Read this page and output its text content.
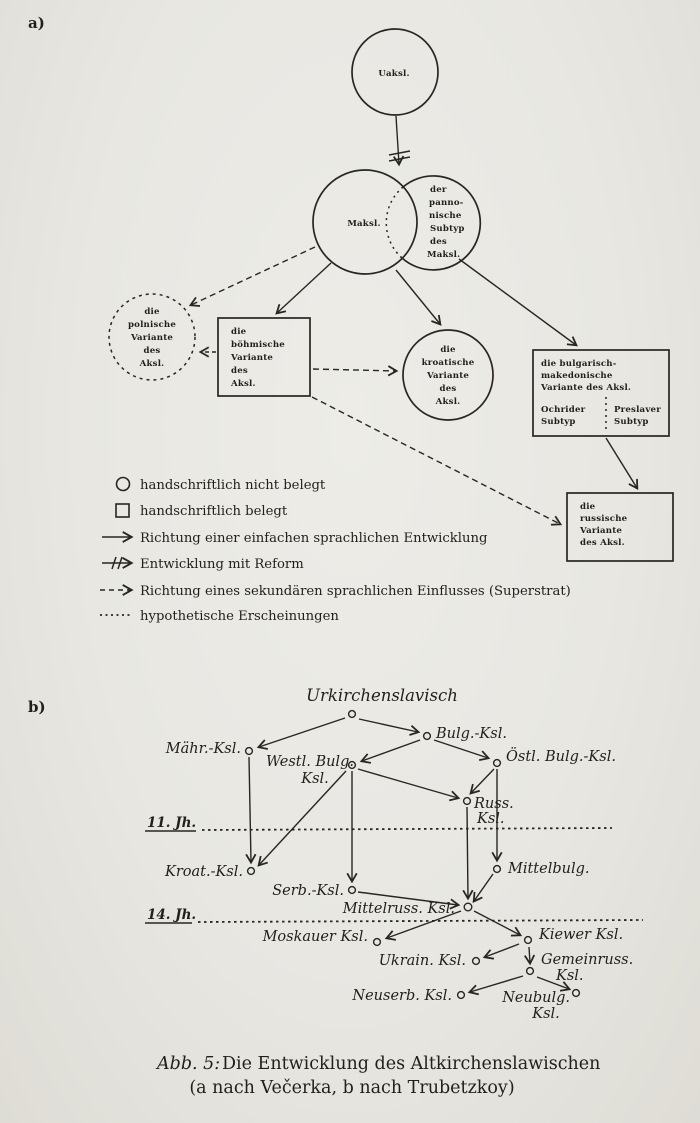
a)
Uaksl.
Maksl.
der
panno-
nische
Subtyp
des
Maksl.
die
polnische
Variante
des
Aksl.
die
böhmische
Variante
des
Aksl.
die
kroatische
Variante
des
Aksl.
die bulgarisch-
makedonische
Variante des Aksl.
Ochrider
Subtyp
Preslaver
Subtyp
die
russische
Variante
des Aksl.
handschriftlich nicht belegt
handschriftlich belegt
Richtung einer einfachen sprachlichen Entwicklung
Entwicklung mit Reform
Richtung eines sekundären sprachlichen Einflusses (Superstrat)
hypothetische Erscheinungen
b)
Urkirchenslavisch
Mähr.-Ksl.
Bulg.-Ksl.
Westl. Bulg.
Ksl.
Östl. Bulg.-Ksl.
Russ.
Ksl.
11. Jh.
Kroat.-Ksl.
Serb.-Ksl.
Mittelbulg.
Mittelruss. Ksl.
14. Jh.
Moskauer Ksl.	Kiewer Ksl.
Ukrain. Ksl.	Gemeinruss.
Ksl.
Neuserb. Ksl.	Neubulg.
Ksl.
Abb. 5: Die Entwicklung des Altkirchenslawischen
(a nach Večerka, b nach Trubetzkoy)
